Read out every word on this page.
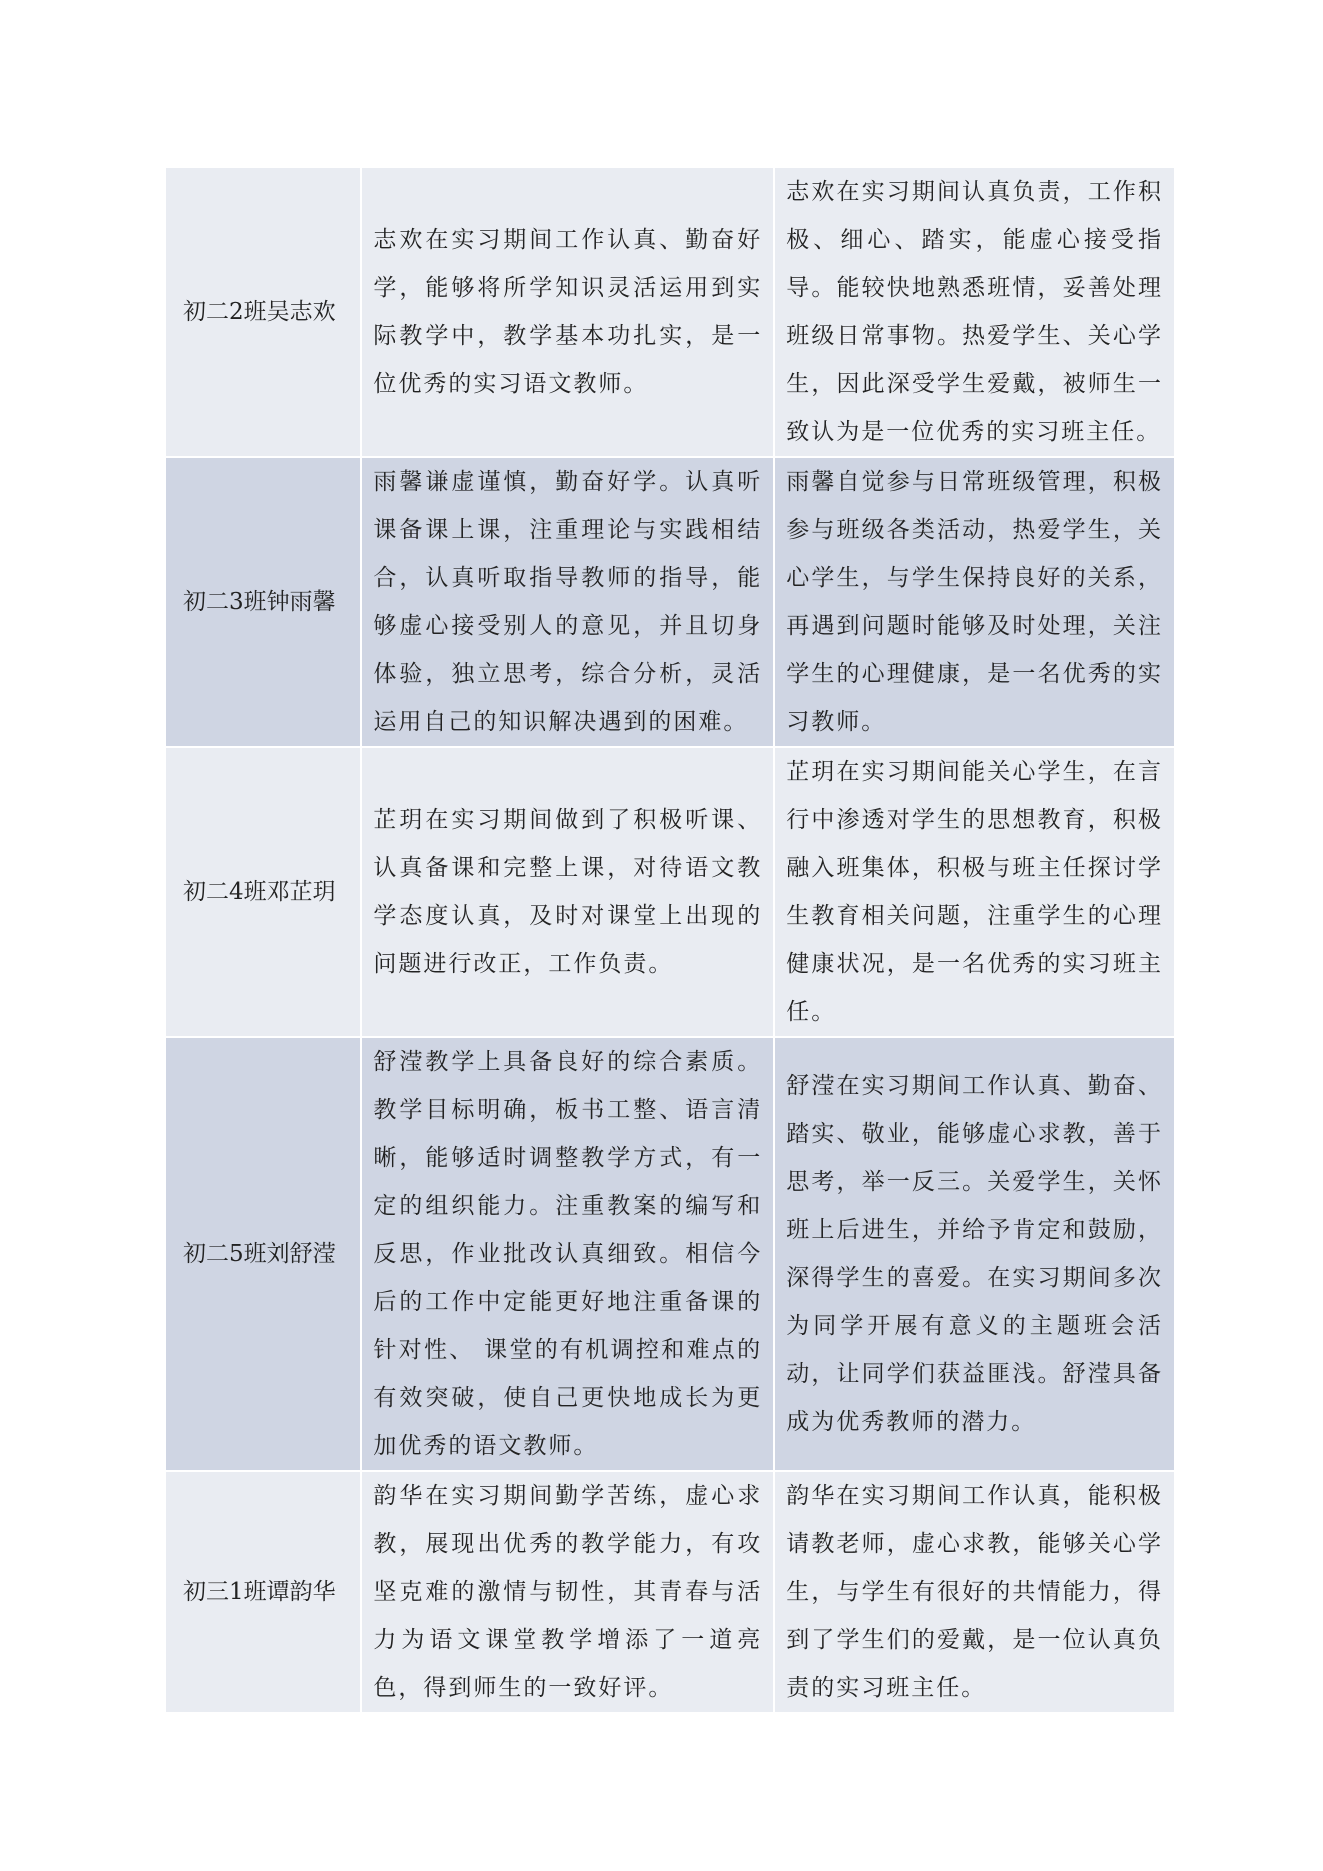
初二2班吴志欢	志欢在实习期间工作认真、勤奋好学，能够将所学知识灵活运用到实际教学中，教学基本功扎实，是一位优秀的实习语文教师。	志欢在实习期间认真负责，工作积极、细心、踏实，能虚心接受指导。能较快地熟悉班情，妥善处理班级日常事物。热爱学生、关心学生，因此深受学生爱戴，被师生一致认为是一位优秀的实习班主任。
初二3班钟雨馨	雨馨谦虚谨慎，勤奋好学。认真听课备课上课，注重理论与实践相结合，认真听取指导教师的指导，能够虚心接受别人的意见，并且切身体验，独立思考，综合分析，灵活运用自己的知识解决遇到的困难。	雨馨自觉参与日常班级管理，积极参与班级各类活动，热爱学生，关心学生，与学生保持良好的关系，再遇到问题时能够及时处理，关注学生的心理健康，是一名优秀的实习教师。
初二4班邓芷玥	芷玥在实习期间做到了积极听课、认真备课和完整上课，对待语文教学态度认真，及时对课堂上出现的问题进行改正，工作负责。	芷玥在实习期间能关心学生，在言行中渗透对学生的思想教育，积极融入班集体，积极与班主任探讨学生教育相关问题，注重学生的心理健康状况，是一名优秀的实习班主任。
初二5班刘舒滢	舒滢教学上具备良好的综合素质。教学目标明确，板书工整、语言清晰，能够适时调整教学方式，有一定的组织能力。注重教案的编写和反思，作业批改认真细致。相信今后的工作中定能更好地注重备课的针对性、 课堂的有机调控和难点的有效突破，使自己更快地成长为更加优秀的语文教师。	舒滢在实习期间工作认真、勤奋、踏实、敬业，能够虚心求教，善于思考，举一反三。关爱学生，关怀班上后进生，并给予肯定和鼓励，深得学生的喜爱。在实习期间多次为同学开展有意义的主题班会活动，让同学们获益匪浅。舒滢具备成为优秀教师的潜力。
初三1班谭韵华	韵华在实习期间勤学苦练，虚心求教，展现出优秀的教学能力，有攻坚克难的激情与韧性，其青春与活力为语文课堂教学增添了一道亮色，得到师生的一致好评。	韵华在实习期间工作认真，能积极请教老师，虚心求教，能够关心学生，与学生有很好的共情能力，得到了学生们的爱戴，是一位认真负责的实习班主任。
